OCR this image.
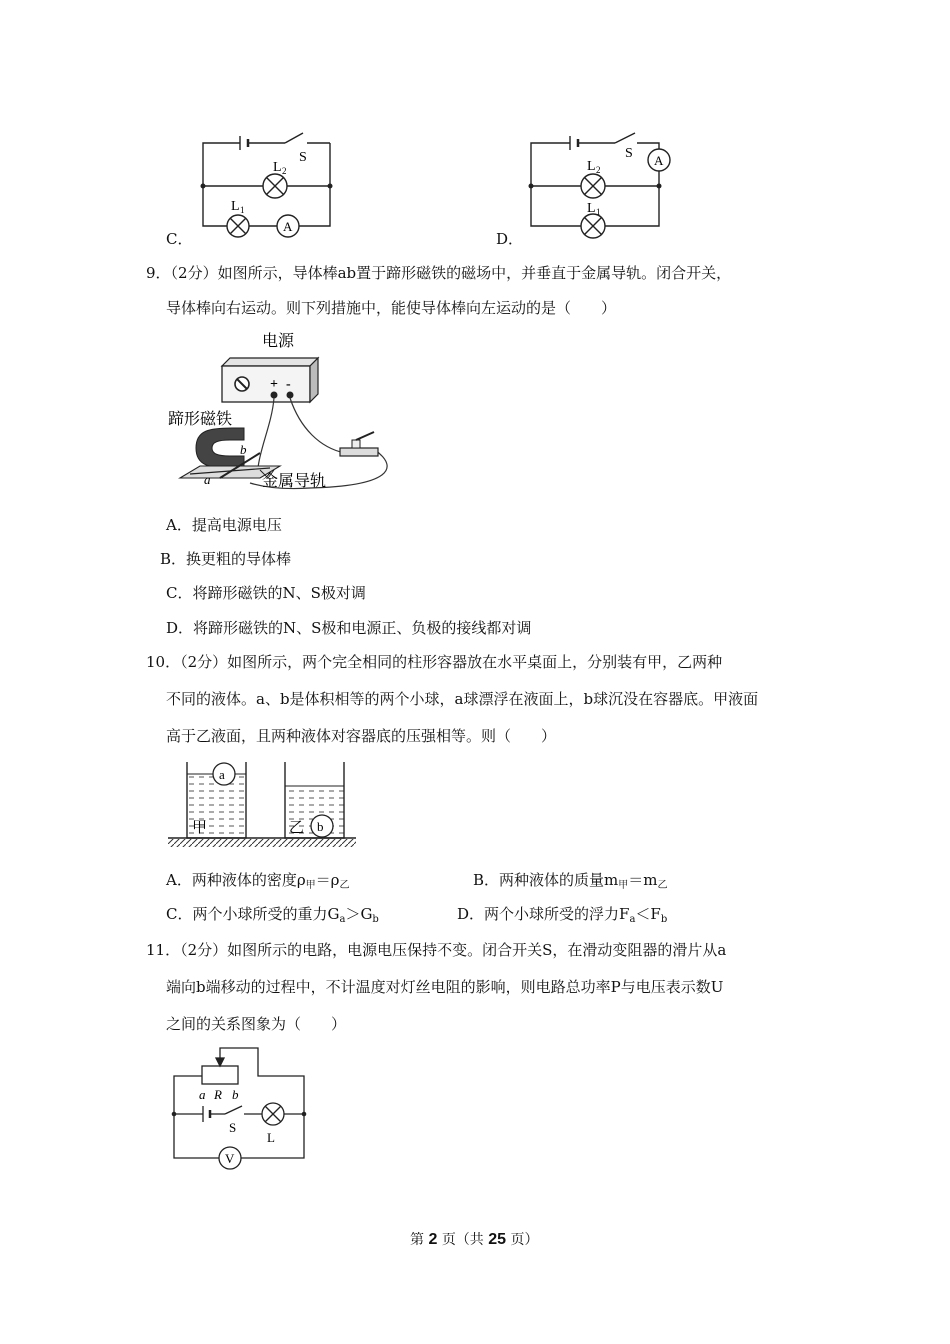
S
L 2
L 1
A
C．
S A
L 2
L 1
D．
9．（2分）如图所示，导体棒ab置于蹄形磁铁的磁场中，并垂直于金属导轨。闭合开关，
导体棒向右运动。则下列措施中，能使导体棒向左运动的是（　　）
电源
+ -
蹄形磁铁
b
a	金属导轨
A．提高电源电压
B．换更粗的导体棒
C．将蹄形磁铁的N、S极对调
D．将蹄形磁铁的N、S极和电源正、负极的接线都对调
10．（2分）如图所示，两个完全相同的柱形容器放在水平桌面上，分别装有甲，乙两种
不同的液体。a、b是体积相等的两个小球，a球漂浮在液面上，b球沉没在容器底。甲液面
高于乙液面，且两种液体对容器底的压强相等。则（　　）
a
甲	b
乙
A．两种液体的密度$\rho_甲=\rho_乙$	B．两种液体的质量$m_甲=m_乙$
C．两个小球所受的重力$G_a>G_b$	D．两个小球所受的浮力$F_a<F_b$
11．（2分）如图所示的电路，电源电压保持不变。闭合开关S，在滑动变阻器的滑片从a
端向b端移动的过程中，不计温度对灯丝电阻的影响，则电路总功率P与电压表示数U
之间的关系图象为（　　）
a R b
S
L
V
第 2 页（共 25 页）
